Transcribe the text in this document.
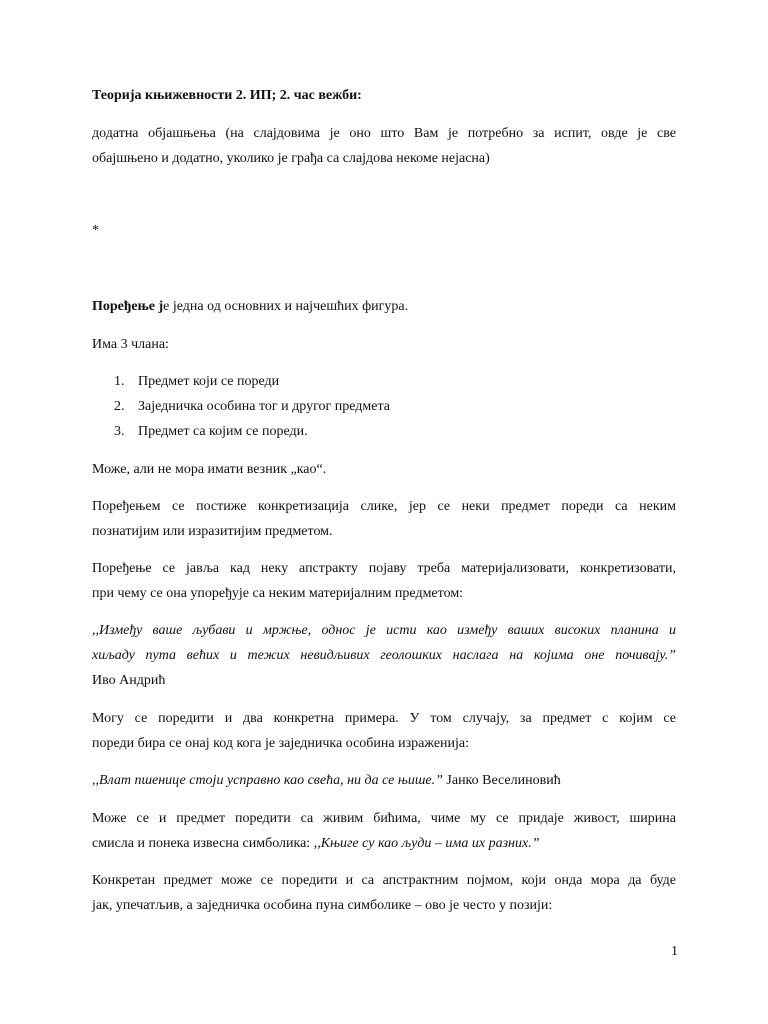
Теорија књижевности 2. ИП; 2. час вежби:
додатна објашњења (на слајдовима је оно што Вам је потребно за испит, овде је све
обајшњено и додатно, уколико је грађа са слајдова некоме нејасна)
*
Поређење је једна од основних и најчешћих фигура.
Има 3 члана:
1. Предмет који се пореди
2. Заједничка особина тог и другог предмета
3. Предмет са којим се пореди.
Може, али не мора имати везник „као“.
Поређењем се постиже конкретизација слике, јер се неки предмет пореди са неким
познатијим или изразитијим предметом.
Поређење се јавља кад неку апстракту појаву треба материјализовати, конкретизовати,
при чему се она упоређује са неким материјалним предметом:
,,Између ваше љубави и мржње, однос је исти као између ваших високих планина и
хиљаду пута већих и тежих невидљивих геолошких наслага на којима оне почивају.”
Иво Андрић
Могу се поредити и два конкретна примера. У том случају, за предмет с којим се
пореди бира се онај код кога је заједничка особина израженија:
,,Влат пшенице стоји усправно као свећа, ни да се њише.” Јанко Веселиновић
Може се и предмет поредити са живим бићима, чиме му се придаје живост, ширина
смисла и понека извесна симболика: ,,Књиге су као људи – има их разних.”
Конкретан предмет може се поредити и са апстрактним појмом, који онда мора да буде
јак, упечатљив, а заједничка особина пуна симболике – ово је често у позији:
1
